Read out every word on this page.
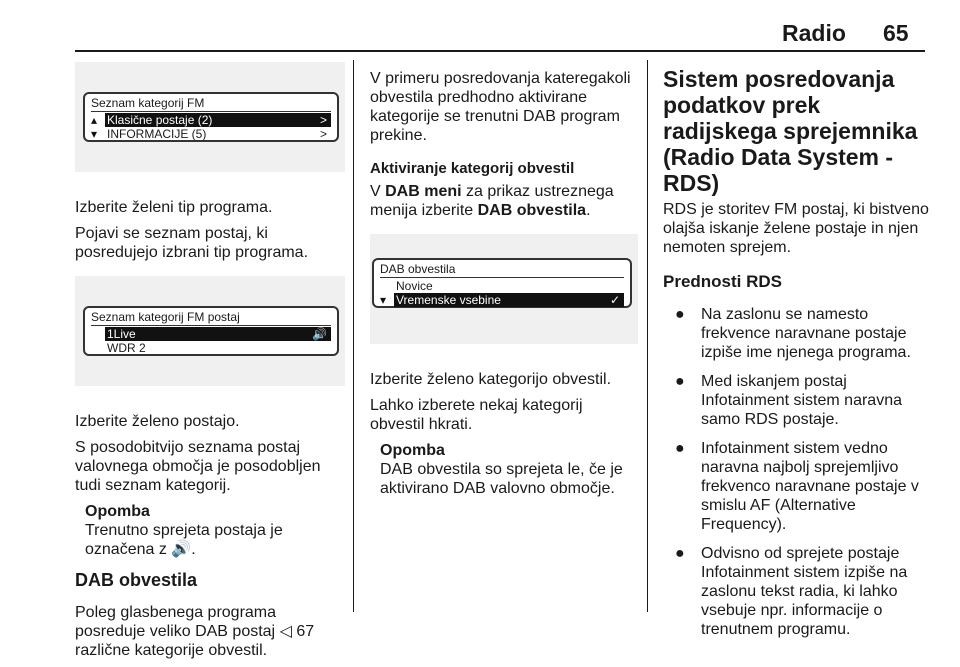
Radio 65
Seznam kategorij FM
▴ Klasične postaje (2)	>
▾ INFORMACIJE (5)	>

Izberite želeni tip programa.

Pojavi se seznam postaj, ki posredujejo izbrani tip programa.

Seznam kategorij FM postaj
1Live	🔊
WDR 2

Izberite želeno postajo.

S posodobitvijo seznama postaj valovnega območja je posodobljen tudi seznam kategorij.

Opomba
Trenutno sprejeta postaja je označena z 🔊.
DAB obvestila

Poleg glasbenega programa posreduje veliko DAB postaj ◁ 67 različne kategorije obvestil.

V primeru posredovanja kateregakoli obvestila predhodno aktivirane kategorije se trenutni DAB program prekine.

Aktiviranje kategorij obvestil

V DAB meni za prikaz ustreznega menija izberite DAB obvestila.

DAB obvestila
Novice
▾ Vremenske vsebine	✓

Izberite želeno kategorijo obvestil.

Lahko izberete nekaj kategorij obvestil hkrati.

Opomba
DAB obvestila so sprejeta le, če je aktivirano DAB valovno območje.
Sistem posredovanja podatkov prek radijskega sprejemnika (Radio Data System - RDS)

RDS je storitev FM postaj, ki bistveno olajša iskanje želene postaje in njen nemoten sprejem.

Prednosti RDS
● Na zaslonu se namesto frekvence naravnane postaje izpiše ime njenega programa.
● Med iskanjem postaj Infotainment sistem naravna samo RDS postaje.
● Infotainment sistem vedno naravna najbolj sprejemljivo frekvenco naravnane postaje v smislu AF (Alternative Frequency).
● Odvisno od sprejete postaje Infotainment sistem izpiše na zaslonu tekst radia, ki lahko vsebuje npr. informacije o trenutnem programu.
